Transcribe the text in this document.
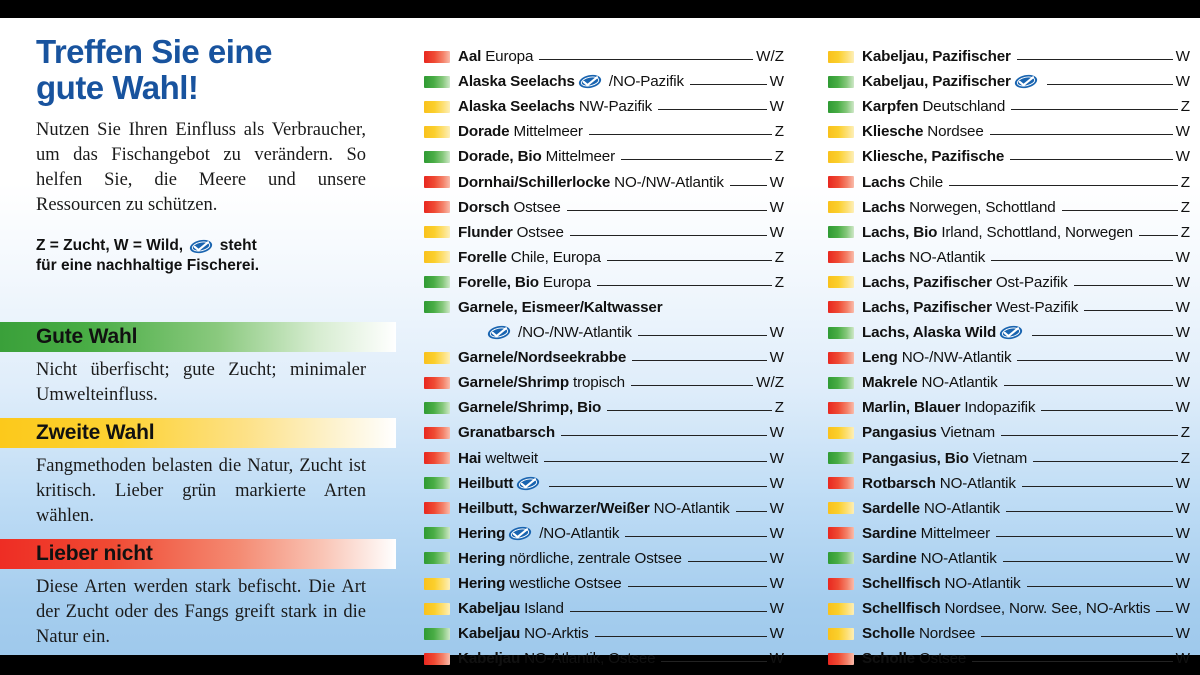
Treffen Sie eine
gute Wahl!
Nutzen Sie Ihren Einfluss als Verbraucher, um das Fischangebot zu verändern. So helfen Sie, die Meere und unsere Ressourcen zu schützen.
Z = Zucht, W = Wild, steht
für eine nachhaltige Fischerei.
Gute Wahl
Nicht überfischt; gute Zucht; minimaler Umwelteinfluss.
Zweite Wahl
Fangmethoden belasten die Natur, Zucht ist kritisch. Lieber grün markierte Arten wählen.
Lieber nicht
Diese Arten werden stark befischt. Die Art der Zucht oder des Fangs greift stark in die Natur ein.
Aal Europa	W/Z
Alaska Seelachs /NO-Pazifik	W
Alaska Seelachs NW-Pazifik	W
Dorade Mittelmeer	Z
Dorade, Bio Mittelmeer	Z
Dornhai/Schillerlocke NO-/NW-Atlantik	W
Dorsch Ostsee	W
Flunder Ostsee	W
Forelle Chile, Europa	Z
Forelle, Bio Europa	Z
Garnele, Eismeer/Kaltwasser
/NO-/NW-Atlantik	W
Garnele/Nordseekrabbe	W
Garnele/Shrimp tropisch	W/Z
Garnele/Shrimp, Bio	Z
Granatbarsch	W
Hai weltweit	W
Heilbutt	W
Heilbutt, Schwarzer/Weißer NO-Atlantik	W
Hering /NO-Atlantik	W
Hering nördliche, zentrale Ostsee	W
Hering westliche Ostsee	W
Kabeljau Island	W
Kabeljau NO-Arktis	W
Kabeljau NO-Atlantik, Ostsee	W
Kabeljau, Pazifischer	W
Kabeljau, Pazifischer	W
Karpfen Deutschland	Z
Kliesche Nordsee	W
Kliesche, Pazifische	W
Lachs Chile	Z
Lachs Norwegen, Schottland	Z
Lachs, Bio Irland, Schottland, Norwegen	Z
Lachs NO-Atlantik	W
Lachs, Pazifischer Ost-Pazifik	W
Lachs, Pazifischer West-Pazifik	W
Lachs, Alaska Wild	W
Leng NO-/NW-Atlantik	W
Makrele NO-Atlantik	W
Marlin, Blauer Indopazifik	W
Pangasius Vietnam	Z
Pangasius, Bio Vietnam	Z
Rotbarsch NO-Atlantik	W
Sardelle NO-Atlantik	W
Sardine Mittelmeer	W
Sardine NO-Atlantik	W
Schellfisch NO-Atlantik	W
Schellfisch Nordsee, Norw. See, NO-Arktis W
Scholle Nordsee	W
Scholle Ostsee	W
